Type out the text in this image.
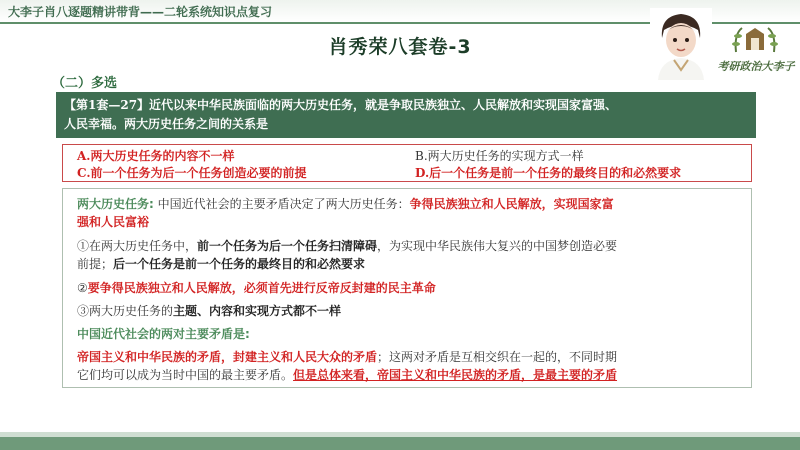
大李子肖八逐题精讲带背——二轮系统知识点复习
肖秀荣八套卷-3
考研政治大李子
（二）多选
【第1套—27】近代以来中华民族面临的两大历史任务，就是争取民族独立、人民解放和实现国家富强、
人民幸福。两大历史任务之间的关系是
A.两大历史任务的内容不一样	B.两大历史任务的实现方式一样
C.前一个任务为后一个任务创造必要的前提	D.后一个任务是前一个任务的最终目的和必然要求
两大历史任务: 中国近代社会的主要矛盾决定了两大历史任务：争得民族独立和人民解放，实现国家富
强和人民富裕
①在两大历史任务中，前一个任务为后一个任务扫清障碍，为实现中华民族伟大复兴的中国梦创造必要
前提；后一个任务是前一个任务的最终目的和必然要求
②要争得民族独立和人民解放，必须首先进行反帝反封建的民主革命
③两大历史任务的主题、内容和实现方式都不一样
中国近代社会的两对主要矛盾是:
帝国主义和中华民族的矛盾，封建主义和人民大众的矛盾；这两对矛盾是互相交织在一起的，不同时期
它们均可以成为当时中国的最主要矛盾。但是总体来看，帝国主义和中华民族的矛盾，是最主要的矛盾
